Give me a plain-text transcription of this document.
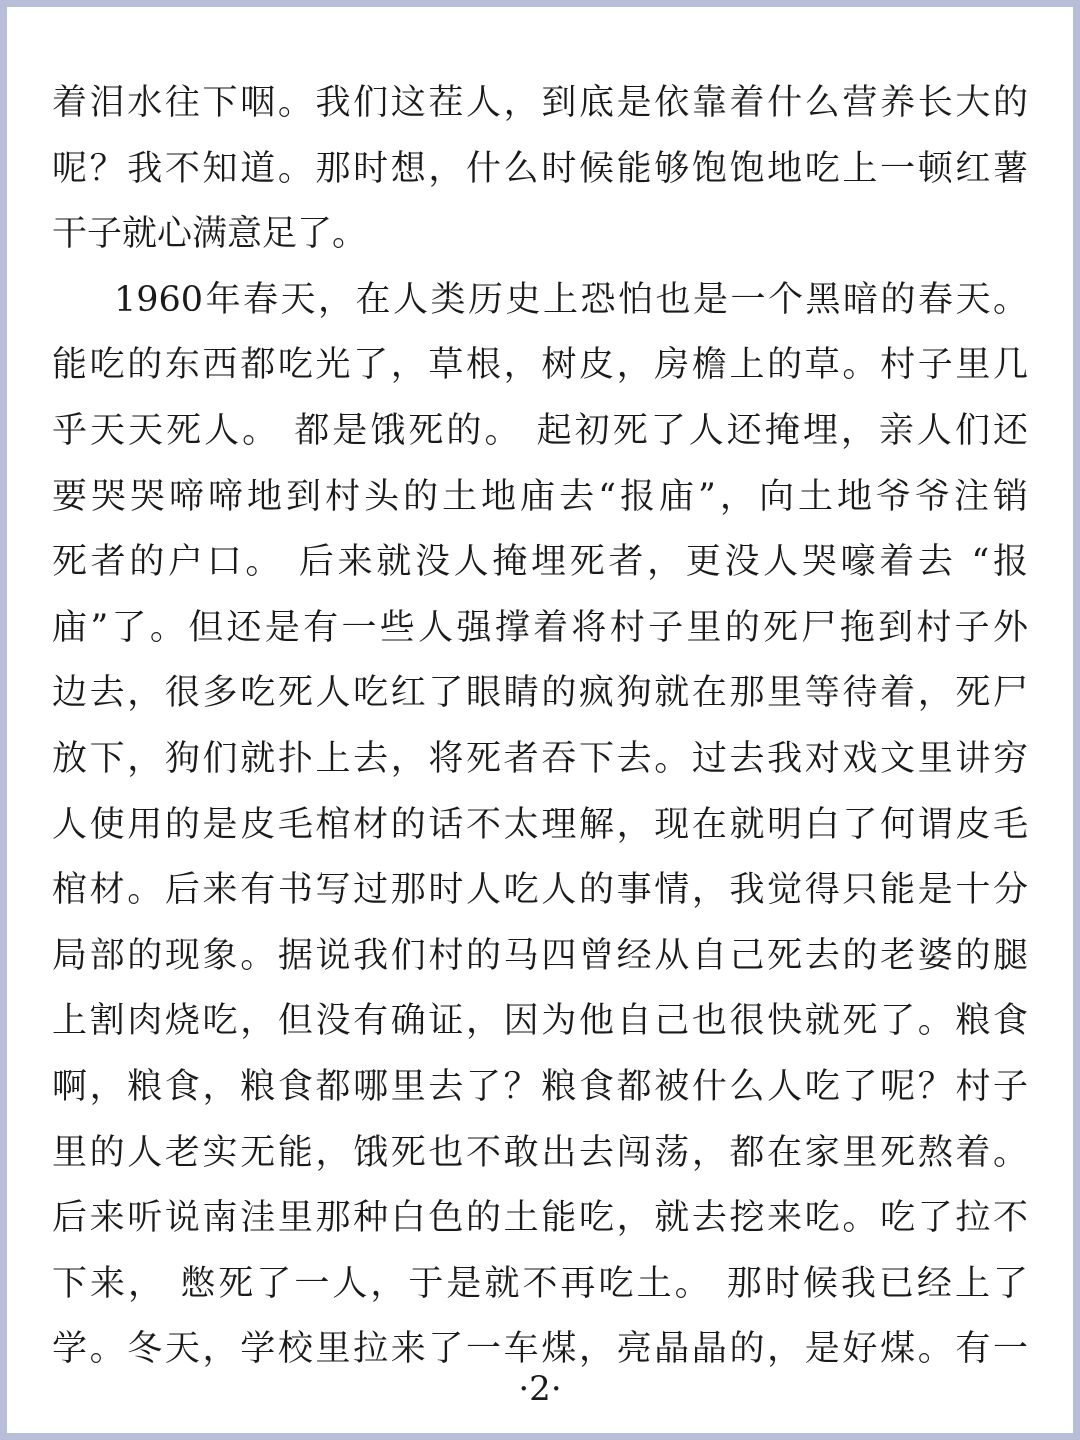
着泪水往下咽。我们这茬人，到底是依靠着什么营养长大的
呢？我不知道。那时想，什么时候能够饱饱地吃上一顿红薯
干子就心满意足了。
1960年春天，在人类历史上恐怕也是一个黑暗的春天。
能吃的东西都吃光了，草根，树皮，房檐上的草。村子里几
乎天天死人。 都是饿死的。 起初死了人还掩埋，亲人们还
要哭哭啼啼地到村头的土地庙去“报庙”，向土地爷爷注销
死者的户口。 后来就没人掩埋死者，更没人哭嚎着去 “报
庙”了。但还是有一些人强撑着将村子里的死尸拖到村子外
边去，很多吃死人吃红了眼睛的疯狗就在那里等待着，死尸
放下，狗们就扑上去，将死者吞下去。过去我对戏文里讲穷
人使用的是皮毛棺材的话不太理解，现在就明白了何谓皮毛
棺材。后来有书写过那时人吃人的事情，我觉得只能是十分
局部的现象。据说我们村的马四曾经从自己死去的老婆的腿
上割肉烧吃，但没有确证，因为他自己也很快就死了。粮食
啊，粮食，粮食都哪里去了？粮食都被什么人吃了呢？村子
里的人老实无能，饿死也不敢出去闯荡，都在家里死熬着。
后来听说南洼里那种白色的土能吃，就去挖来吃。吃了拉不
下来， 憋死了一人，于是就不再吃土。 那时候我已经上了
学。冬天，学校里拉来了一车煤，亮晶晶的，是好煤。有一
·2·
